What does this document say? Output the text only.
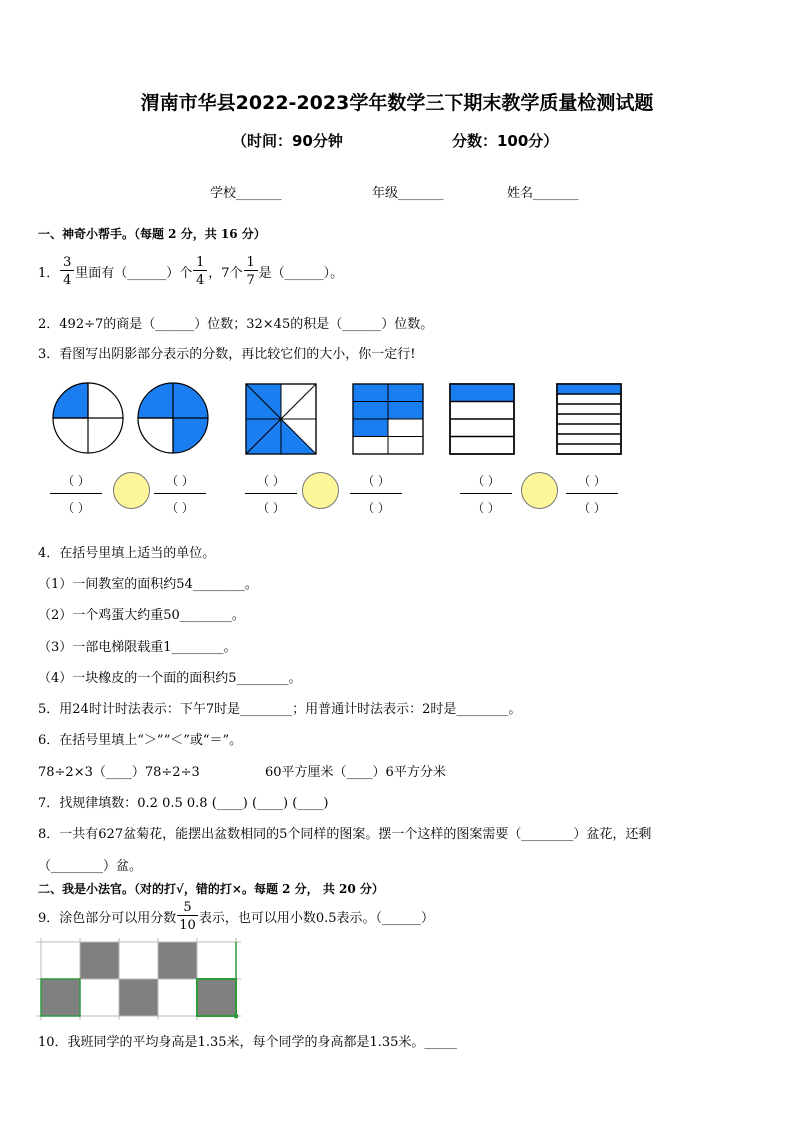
渭南市华县2022-2023学年数学三下期末教学质量检测试题
（时间：90分钟	分数：100分）
学校_______	年级_______	姓名_______
一、神奇小帮手。（每题 2 分，共 16 分）
1． $\frac{3}{4}$ 里面有（______）个 $\frac{1}{4}$ ，7个 $\frac{1}{7}$ 是（______）。
2．492÷7的商是（______）位数；32×45的积是（______）位数。
3．看图写出阴影部分表示的分数，再比较它们的大小，你一定行!
（ ）
（ ）
（ ）
（ ）
（ ）
（ ）
（ ）
（ ）
（ ）
（ ）
（ ）
（ ）
4．在括号里填上适当的单位。
（1）一间教室的面积约54________。
（2）一个鸡蛋大约重50________。
（3）一部电梯限载重1________。
（4）一块橡皮的一个面的面积约5________。
5．用24时计时法表示：下午7时是________；用普通计时法表示：2时是________。
6．在括号里填上“＞”“＜”或“＝”。
78÷2×3（____）78÷2÷3	60平方厘米（____）6平方分米
7．找规律填数：0.2 0.5 0.8 (____) (____) (____)
8．一共有627盆菊花，能摆出盆数相同的5个同样的图案。摆一个这样的图案需要（________）盆花，还剩
（________）盆。
二、我是小法官。（对的打√，错的打×。每题 2 分， 共 20 分）
9．涂色部分可以用分数 $\frac{5}{10}$ 表示，也可以用小数0.5表示。（______）
10．我班同学的平均身高是1.35米，每个同学的身高都是1.35米。_____
